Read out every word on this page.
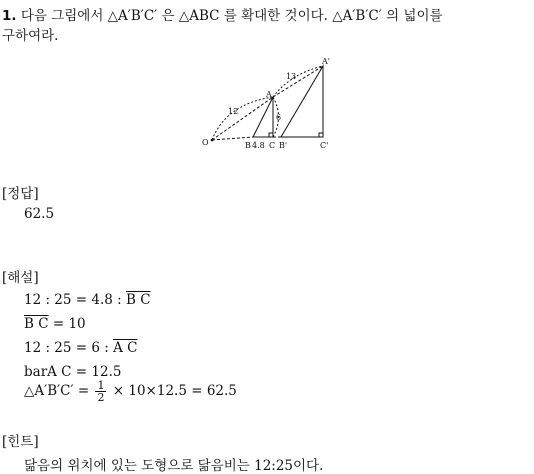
1. 다음 그림에서 △A′B′C′ 은 △ABC 를 확대한 것이다. △A′B′C′ 의 넓이를
구하여라.
O
A
A'
B 4.8 C B'	C'
12
13
6
[정답]
62.5
[해설]
12 : 25 = 4.8 : B C
B C = 10
12 : 25 = 6 : A C
barA C = 12.5
△A′B′C′ = $\frac{1}{2} \times 10\times 12.5 = 62.5$
[힌트]
닮음의 위치에 있는 도형으로 닮음비는 12:25이다.
